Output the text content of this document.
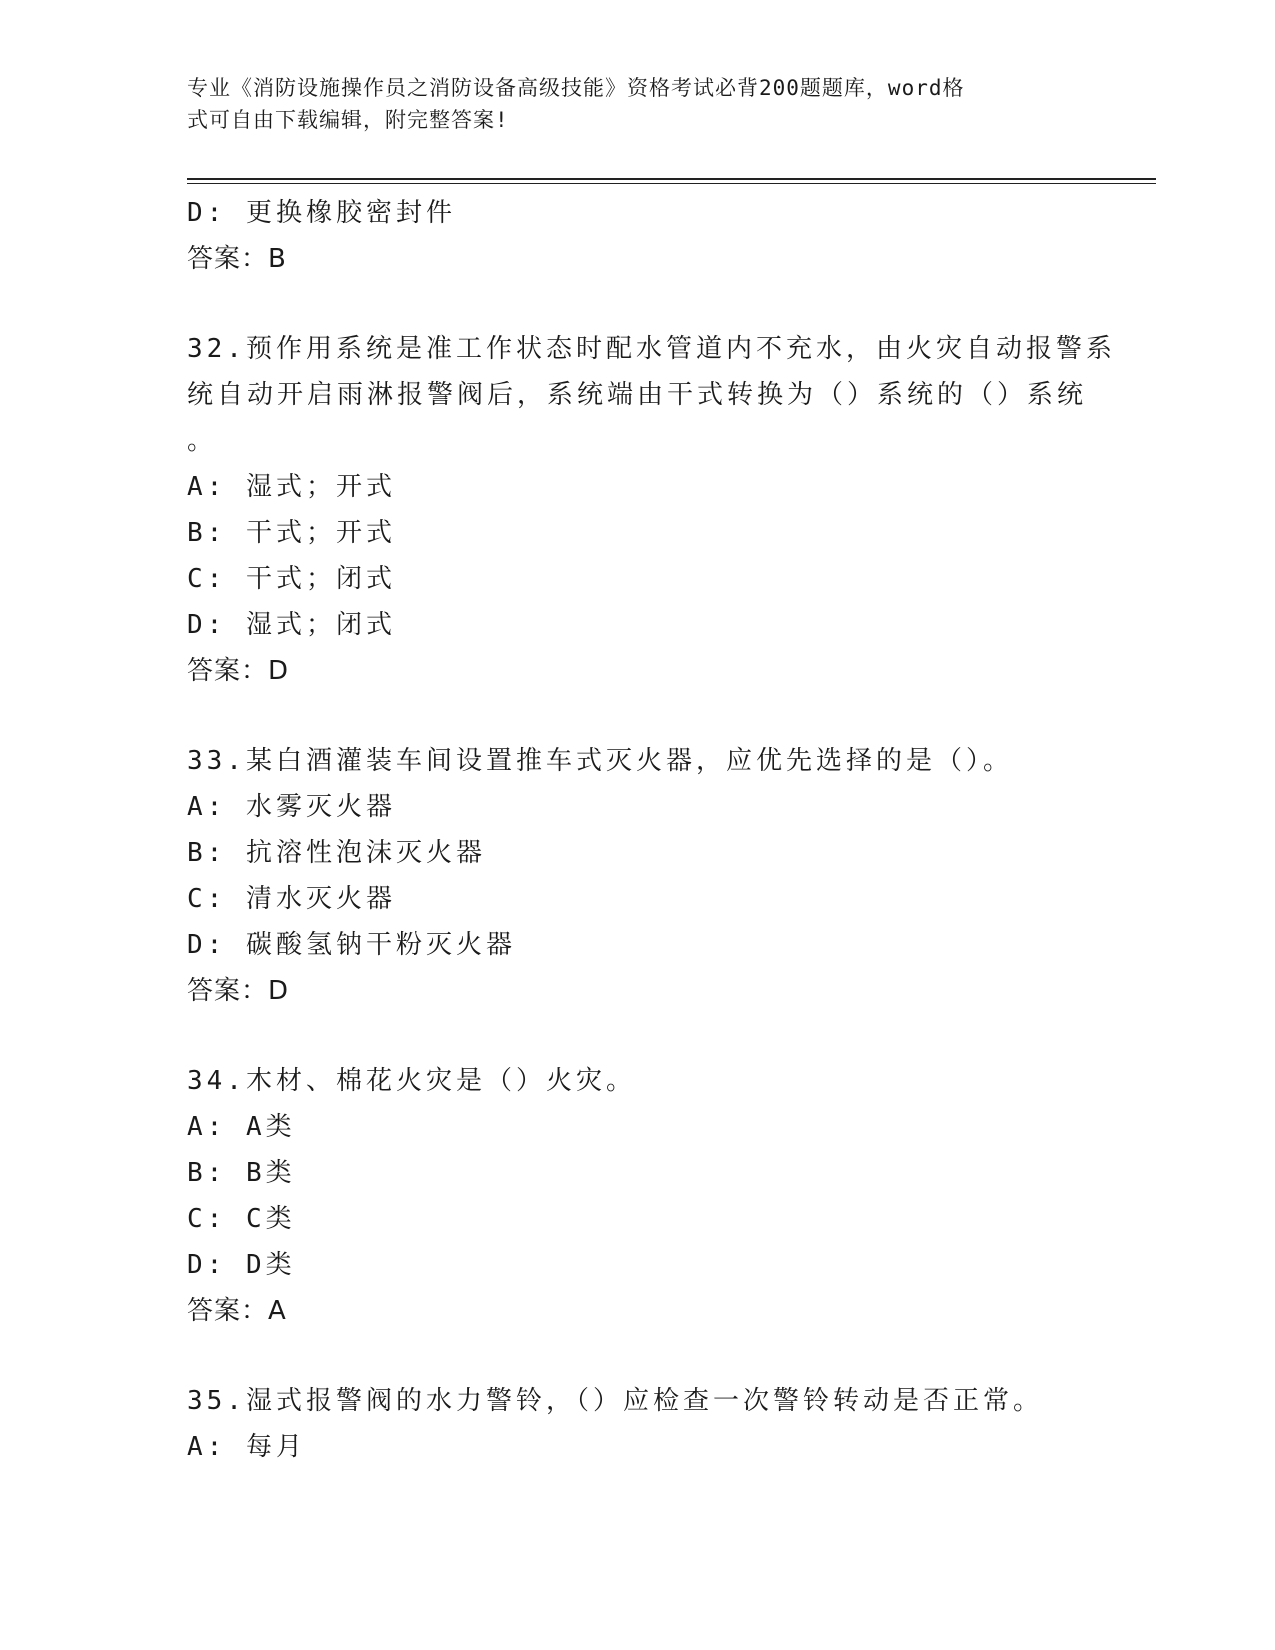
专业《消防设施操作员之消防设备高级技能》资格考试必背200题题库，word格
式可自由下载编辑，附完整答案!
D: 更换橡胶密封件
答案：B
32.预作用系统是准工作状态时配水管道内不充水，由火灾自动报警系
统自动开启雨淋报警阀后，系统端由干式转换为（）系统的（）系统
。
A: 湿式；开式
B: 干式；开式
C: 干式；闭式
D: 湿式；闭式
答案：D
33.某白酒灌装车间设置推车式灭火器，应优先选择的是（）。
A: 水雾灭火器
B: 抗溶性泡沫灭火器
C: 清水灭火器
D: 碳酸氢钠干粉灭火器
答案：D
34.木材、棉花火灾是（）火灾。
A: A类
B: B类
C: C类
D: D类
答案：A
35.湿式报警阀的水力警铃，（）应检查一次警铃转动是否正常。
A: 每月
